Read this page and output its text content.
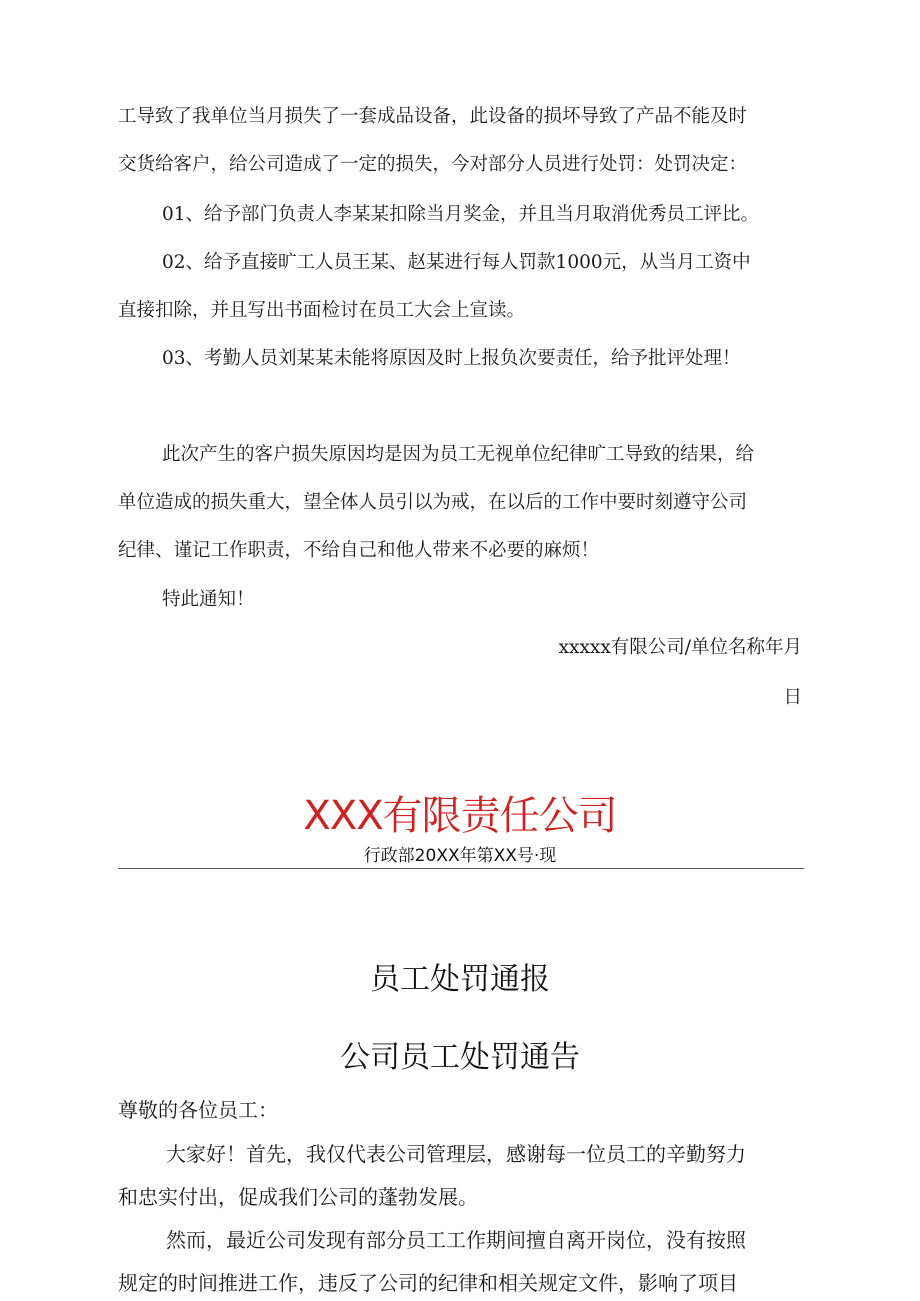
工导致了我单位当月损失了一套成品设备，此设备的损坏导致了产品不能及时
交货给客户，给公司造成了一定的损失，今对部分人员进行处罚：处罚决定：
01、给予部门负责人李某某扣除当月奖金，并且当月取消优秀员工评比。
02、给予直接旷工人员王某、赵某进行每人罚款1000元，从当月工资中
直接扣除，并且写出书面检讨在员工大会上宣读。
03、考勤人员刘某某未能将原因及时上报负次要责任，给予批评处理！
此次产生的客户损失原因均是因为员工无视单位纪律旷工导致的结果，给
单位造成的损失重大，望全体人员引以为戒，在以后的工作中要时刻遵守公司
纪律、谨记工作职责，不给自己和他人带来不必要的麻烦！
特此通知！
xxxxx有限公司/单位名称年月
日
XXX有限责任公司
行政部20XX年第XX号·现
员工处罚通报
公司员工处罚通告
尊敬的各位员工：
大家好！首先，我仅代表公司管理层，感谢每一位员工的辛勤努力
和忠实付出，促成我们公司的蓬勃发展。
然而，最近公司发现有部分员工工作期间擅自离开岗位，没有按照
规定的时间推进工作，违反了公司的纪律和相关规定文件，影响了项目
